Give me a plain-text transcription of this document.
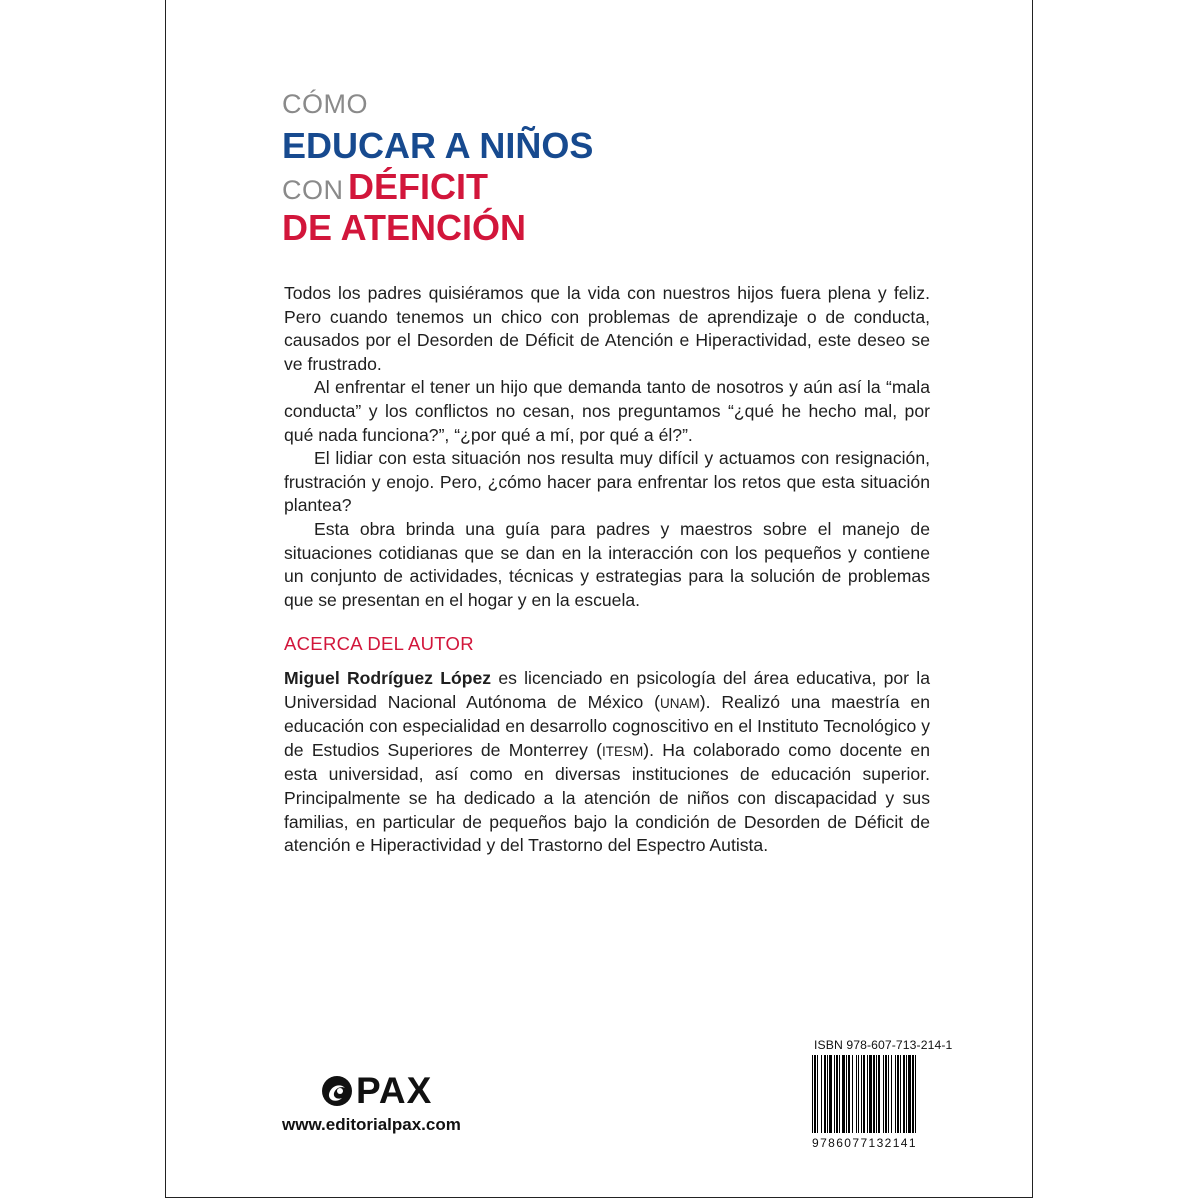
CÓMO
EDUCAR A NIÑOS
CON DÉFICIT
DE ATENCIÓN

Todos los padres quisiéramos que la vida con nuestros hijos fuera plena y feliz. Pero cuando tenemos un chico con problemas de aprendizaje o de conducta, causados por el Desorden de Déficit de Atención e Hiperactividad, este deseo se ve frustrado.

Al enfrentar el tener un hijo que demanda tanto de nosotros y aún así la “mala conducta” y los conflictos no cesan, nos preguntamos “¿qué he hecho mal, por qué nada funciona?”, “¿por qué a mí, por qué a él?”.

El lidiar con esta situación nos resulta muy difícil y actuamos con resignación, frustración y enojo. Pero, ¿cómo hacer para enfrentar los retos que esta situación plantea?

Esta obra brinda una guía para padres y maestros sobre el manejo de situaciones cotidianas que se dan en la interacción con los pequeños y contiene un conjunto de actividades, técnicas y estrategias para la solución de problemas que se presentan en el hogar y en la escuela.

ACERCA DEL AUTOR

Miguel Rodríguez López es licenciado en psicología del área educativa, por la Universidad Nacional Autónoma de México (UNAM). Realizó una maestría en educación con especialidad en desarrollo cognoscitivo en el Instituto Tecnológico y de Estudios Superiores de Monterrey (ITESM). Ha colaborado como docente en esta universidad, así como en diversas instituciones de educación superior. Principalmente se ha dedicado a la atención de niños con discapacidad y sus familias, en particular de pequeños bajo la condición de Desorden de Déficit de atención e Hiperactividad y del Trastorno del Espectro Autista.

PAX
www.editorialpax.com
ISBN 978-607-713-214-1
9786077132141
